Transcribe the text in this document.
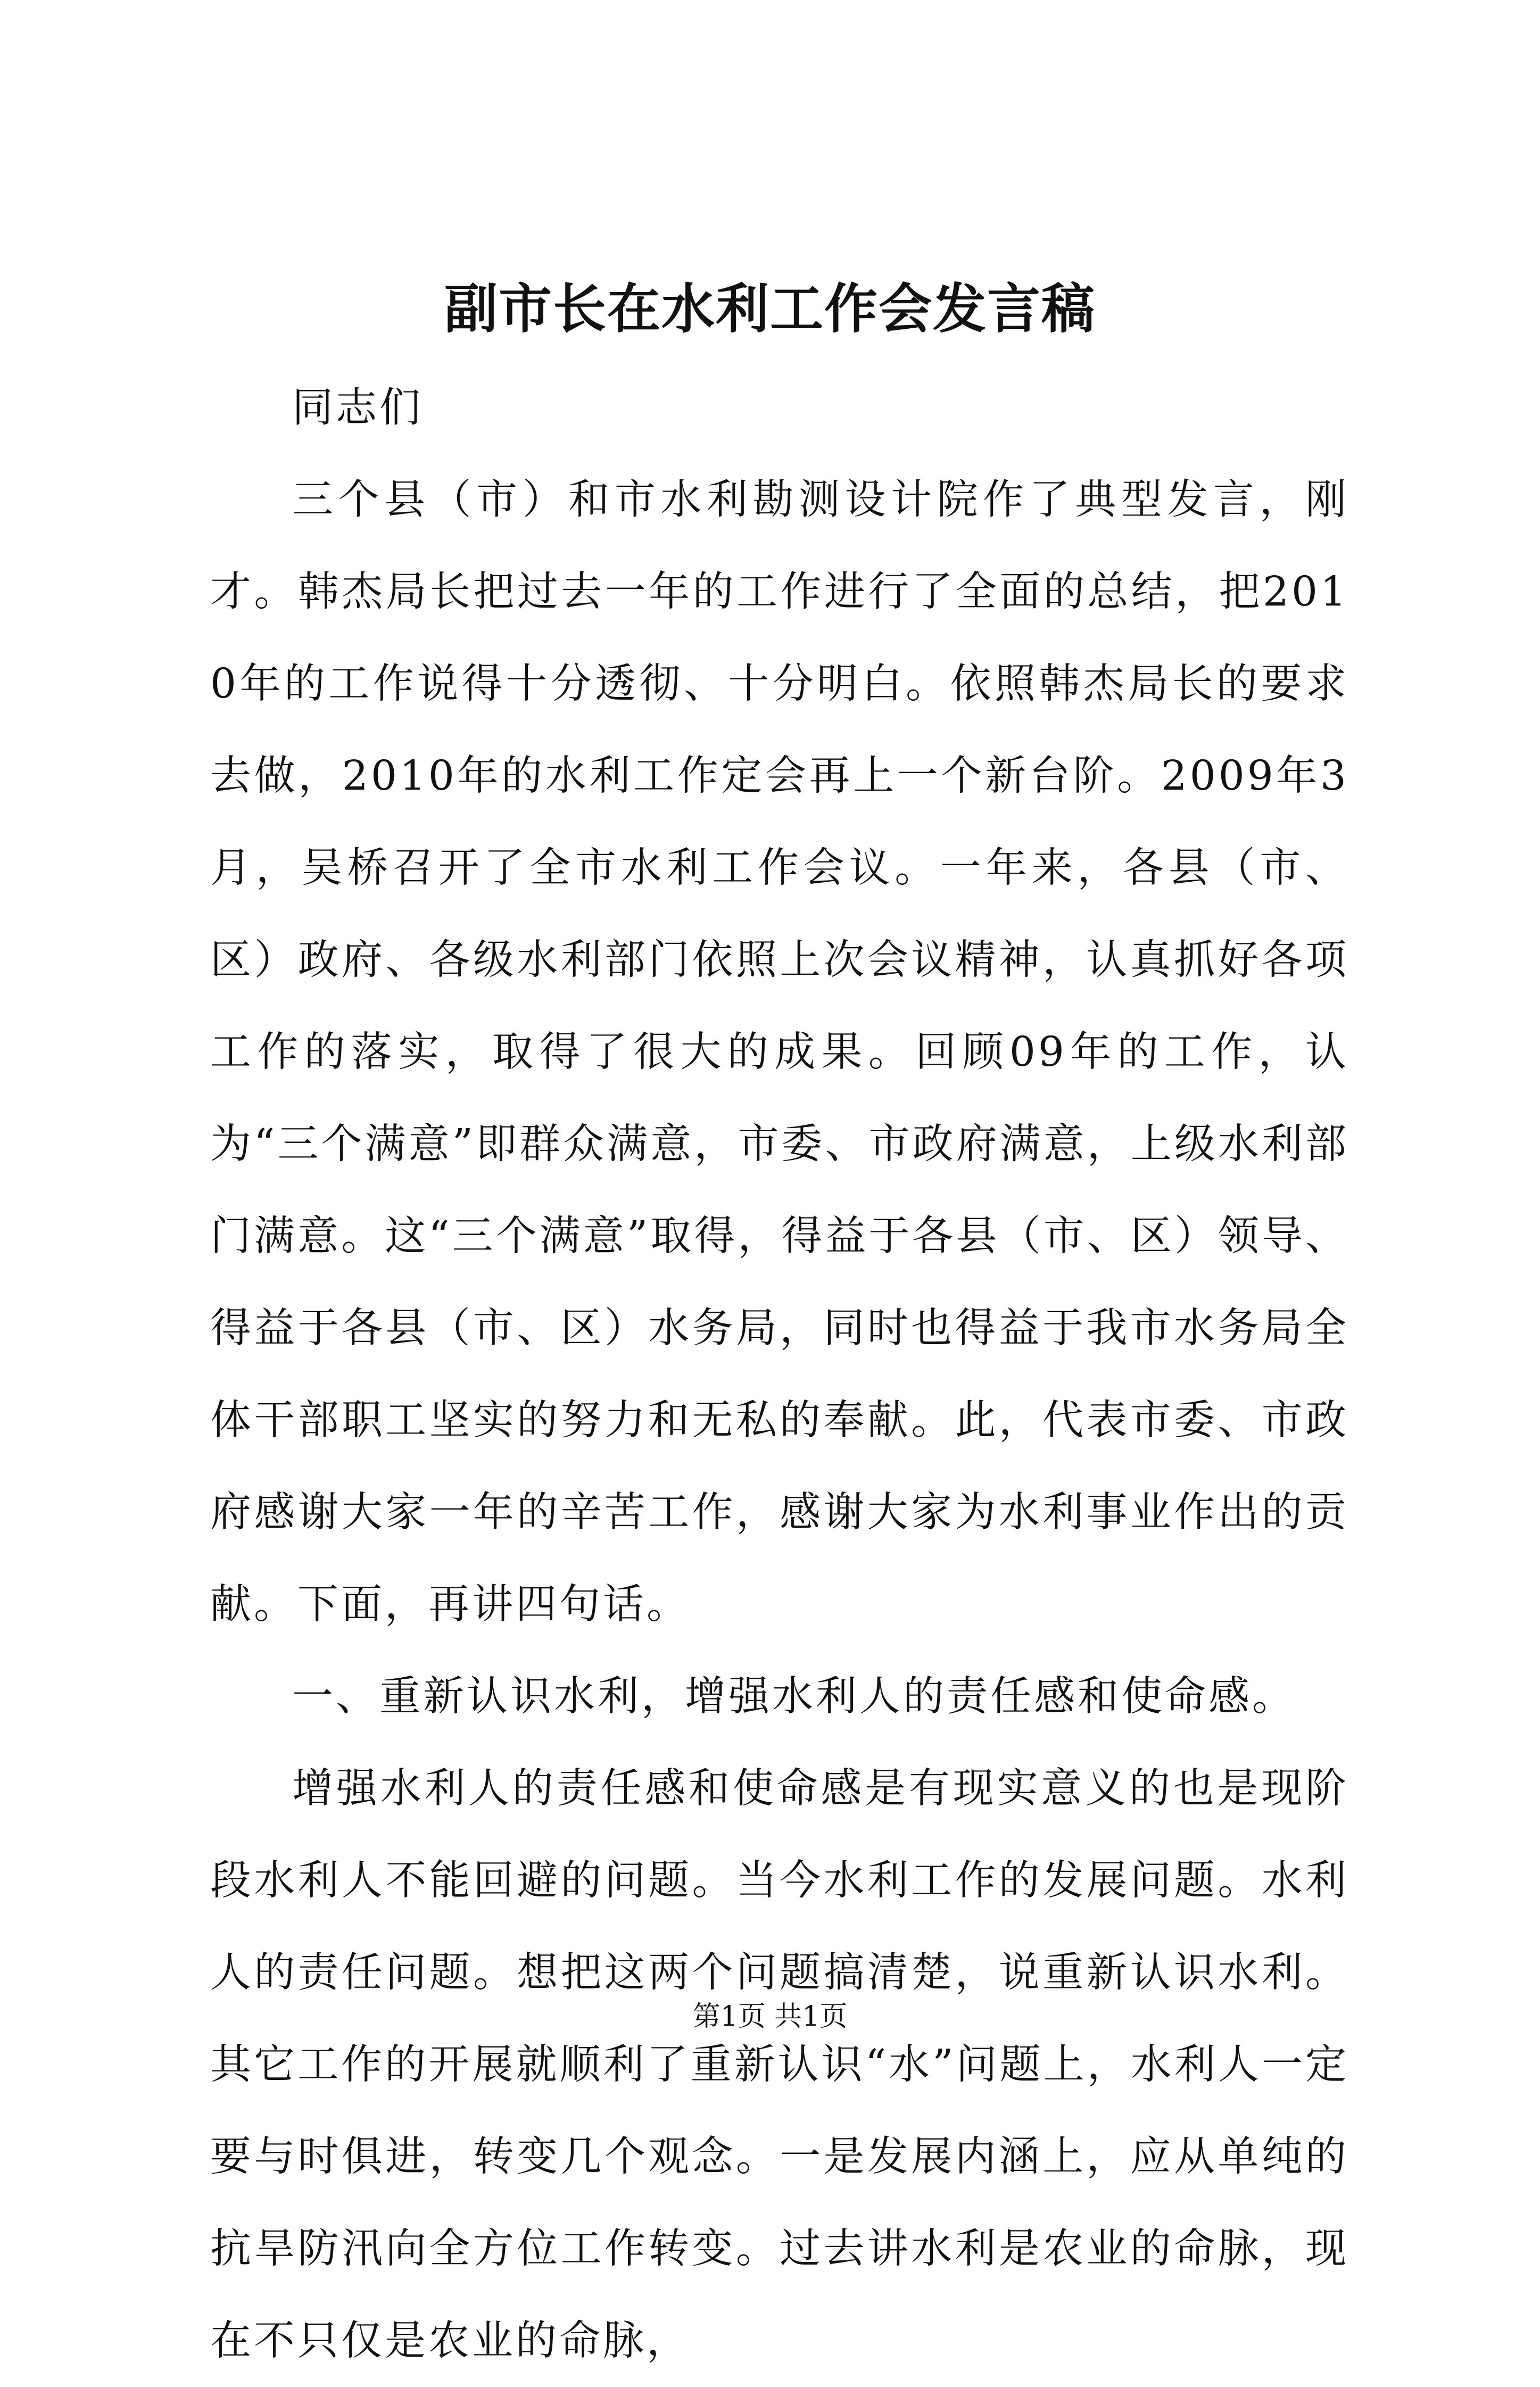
副市长在水利工作会发言稿

同志们

三个县（市）和市水利勘测设计院作了典型发言，刚才。韩杰局长把过去一年的工作进行了全面的总结，把2010年的工作说得十分透彻、十分明白。依照韩杰局长的要求去做，2010年的水利工作定会再上一个新台阶。2009年3月，吴桥召开了全市水利工作会议。一年来，各县（市、区）政府、各级水利部门依照上次会议精神，认真抓好各项工作的落实，取得了很大的成果。回顾09年的工作，认为“三个满意”即群众满意，市委、市政府满意，上级水利部门满意。这“三个满意”取得，得益于各县（市、区）领导、得益于各县（市、区）水务局，同时也得益于我市水务局全体干部职工坚实的努力和无私的奉献。此，代表市委、市政府感谢大家一年的辛苦工作，感谢大家为水利事业作出的贡献。下面，再讲四句话。

一、重新认识水利，增强水利人的责任感和使命感。

增强水利人的责任感和使命感是有现实意义的也是现阶段水利人不能回避的问题。当今水利工作的发展问题。水利人的责任问题。想把这两个问题搞清楚，说重新认识水利。其它工作的开展就顺利了重新认识“水”问题上，水利人一定要与时俱进，转变几个观念。一是发展内涵上，应从单纯的抗旱防汛向全方位工作转变。过去讲水利是农业的命脉，现在不只仅是农业的命脉，

第1页 共1页
